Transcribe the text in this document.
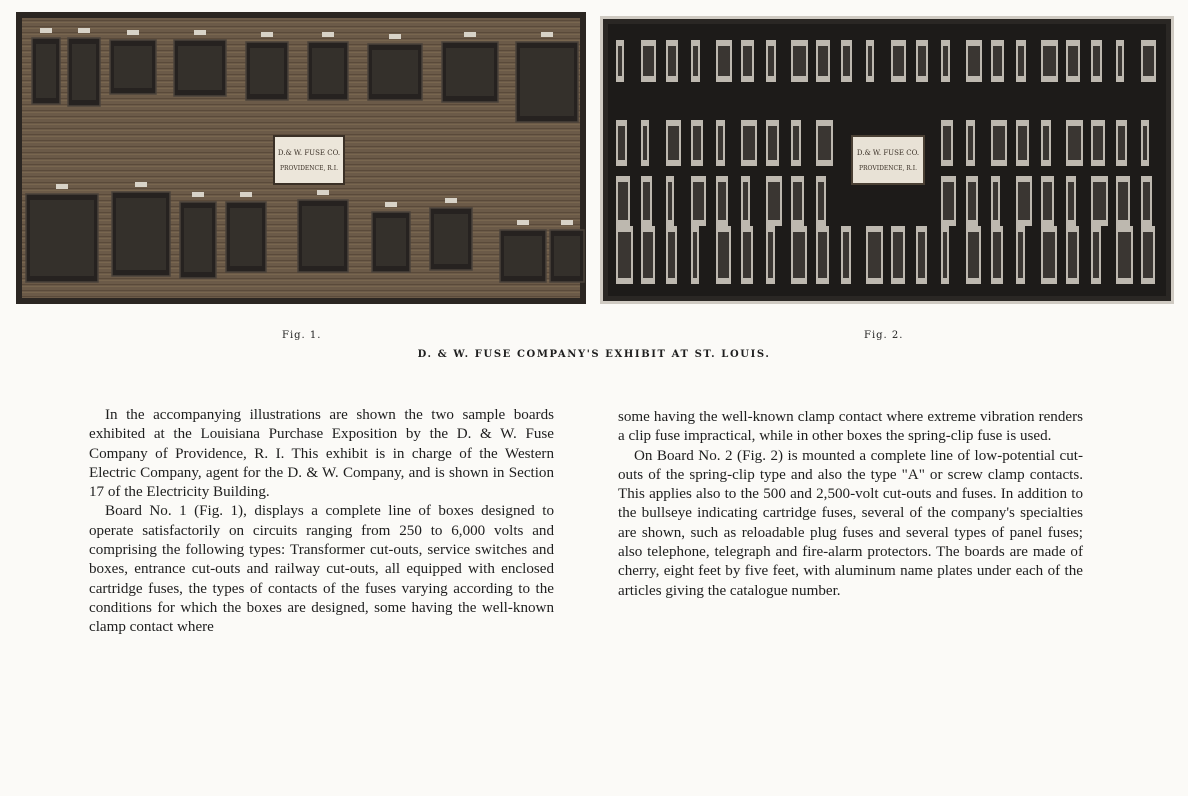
D.& W. FUSE CO.
PROVIDENCE, R.I.
D.& W. FUSE CO.
PROVIDENCE, R.I.
Fig. 1.	Fig. 2.
D. & W. FUSE COMPANY'S EXHIBIT AT ST. LOUIS.

In the accompanying illustrations are shown the two sample boards exhibited at the Louisiana Purchase Exposition by the D. & W. Fuse Company of Providence, R. I. This exhibit is in charge of the Western Electric Company, agent for the D. & W. Company, and is shown in Section 17 of the Electricity Building.

Board No. 1 (Fig. 1), displays a complete line of boxes designed to operate satisfactorily on circuits ranging from 250 to 6,000 volts and comprising the following types: Transformer cut-outs, service switches and boxes, entrance cut-outs and railway cut-outs, all equipped with enclosed cartridge fuses, the types of contacts of the fuses varying according to the conditions for which the boxes are designed, some having the well-known clamp contact where

some having the well-known clamp contact where extreme vibration renders a clip fuse impractical, while in other boxes the spring-clip fuse is used.

On Board No. 2 (Fig. 2) is mounted a complete line of low-potential cut-outs of the spring-clip type and also the type "A" or screw clamp contacts. This applies also to the 500 and 2,500-volt cut-outs and fuses. In addition to the bullseye indicating cartridge fuses, several of the company's specialties are shown, such as reloadable plug fuses and several types of panel fuses; also telephone, telegraph and fire-alarm protectors. The boards are made of cherry, eight feet by five feet, with aluminum name plates under each of the articles giving the catalogue number.
